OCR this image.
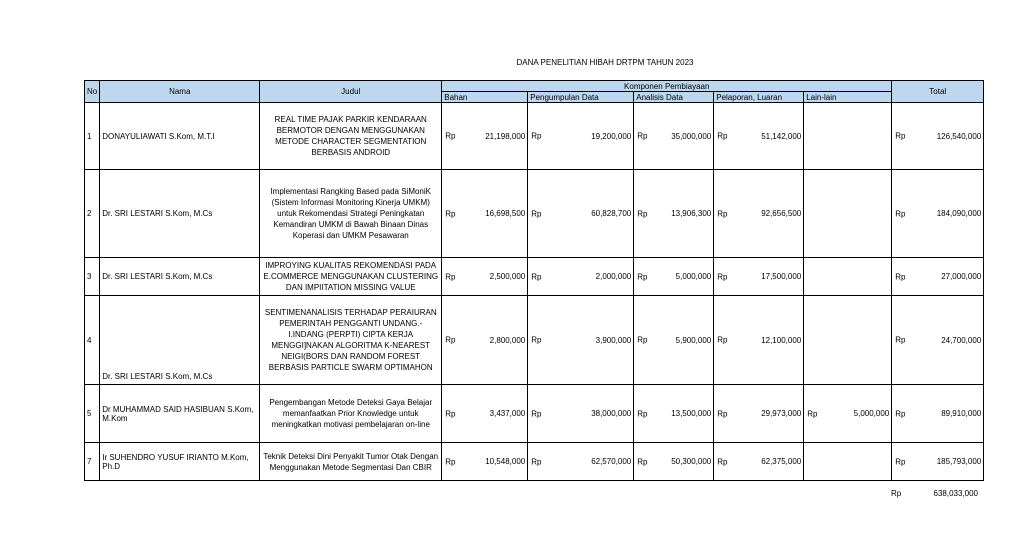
DANA PENELITIAN HIBAH DRTPM TAHUN 2023
No	Nama	Judul	Komponen Pembiayaan					Total
			Bahan	Pengumpulan Data	Analisis Data	Pelaporan, Luaran	Lain-lain	
1	DONAYULIAWATI S.Kom, M.T.I	REAL TIME PAJAK PARKIR KENDARAAN BERMOTOR DENGAN MENGGUNAKAN METODE CHARACTER SEGMENTATION BERBASIS ANDROID	Rp 21,198,000	Rp 19,200,000	Rp 35,000,000	Rp 51,142,000		Rp 126,540,000

2	Dr. SRI LESTARI S.Kom, M.Cs	Implementasi Rangking Based pada SiMoniK (Sistem Informasi Monitoring Kinerja UMKM) untuk Rekomendasi Strategi Peningkatan Kemandiran UMKM di Bawah Binaan Dinas Koperasi dan UMKM Pesawaran	Rp 16,698,500	Rp 60,828,700	Rp 13,906,300	Rp 92,656,500		Rp 184,090,000

3	Dr. SRI LESTARI S.Kom, M.Cs	IMPROYING KUALITAS REKOMENDASI PADA E.COMMERCE MENGGUNAKAN CLUSTERING DAN IMPIITATION MISSING VALUE	Rp 2,500,000	Rp 2,000,000	Rp 5,000,000	Rp 17,500,000		Rp 27,000,000

4	Dr. SRI LESTARI S.Kom, M.Cs	SENTIMENANALISIS TERHADAP PERAIURAN PEMERINTAH PENGGANTI UNDANG.- I.INDANG (PERPTI) CIPTA KERJA MENGGI]NAKAN ALGORITMA K-NEAREST NEIGI(BORS DAN RANDOM FOREST BERBASIS PARTICLE SWARM OPTIMAHON	Rp 2,800,000	Rp 3,900,000	Rp 5,900,000	Rp 12,100,000		Rp 24,700,000

5	Dr MUHAMMAD SAID HASIBUAN S.Kom, M.Kom	Pengembangan Metode Deteksi Gaya Belajar memanfaatkan Prior Knowledge untuk meningkatkan motivasi pembelajaran on-line	Rp 3,437,000	Rp 38,000,000	Rp 13,500,000	Rp 29,973,000	Rp 5,000,000	Rp 89,910,000

7	Ir SUHENDRO YUSUF IRIANTO M.Kom, Ph.D	Teknik Deteksi Dini Penyakit Tumor Otak Dengan Menggunakan Metode Segmentasi Dan CBIR	Rp 10,548,000	Rp 62,570,000	Rp 50,300,000	Rp 62,375,000		Rp 185,793,000
Rp	638,033,000
